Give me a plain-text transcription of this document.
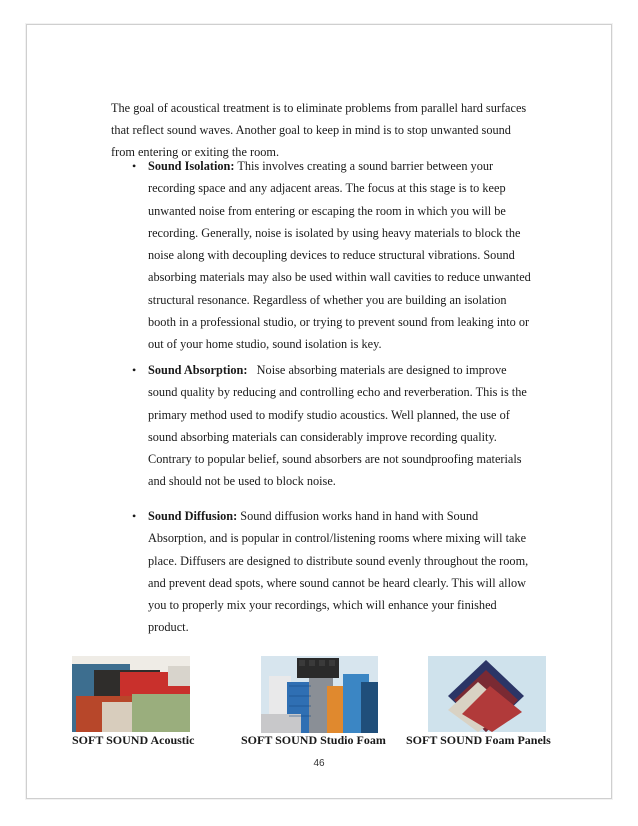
The goal of acoustical treatment is to eliminate problems from parallel hard surfaces that reflect sound waves. Another goal to keep in mind is to stop unwanted sound from entering or exiting the room.

• Sound Isolation: This involves creating a sound barrier between your recording space and any adjacent areas. The focus at this stage is to keep unwanted noise from entering or escaping the room in which you will be recording. Generally, noise is isolated by using heavy materials to block the noise along with decoupling devices to reduce structural vibrations. Sound absorbing materials may also be used within wall cavities to reduce unwanted structural resonance. Regardless of whether you are building an isolation booth in a professional studio, or trying to prevent sound from leaking into or out of your home studio, sound isolation is key.
• Sound Absorption:   Noise absorbing materials are designed to improve sound quality by reducing and controlling echo and reverberation. This is the primary method used to modify studio acoustics. Well planned, the use of sound absorbing materials can considerably improve recording quality. Contrary to popular belief, sound absorbers are not soundproofing materials and should not be used to block noise.
• Sound Diffusion: Sound diffusion works hand in hand with Sound Absorption, and is popular in control/listening rooms where mixing will take place. Diffusers are designed to distribute sound evenly throughout the room, and prevent dead spots, where sound cannot be heard clearly. This will allow you to properly mix your recordings, which will enhance your finished product.
SOFT SOUND Acoustic	SOFT SOUND Studio Foam SOFT SOUND Foam Panels
46
